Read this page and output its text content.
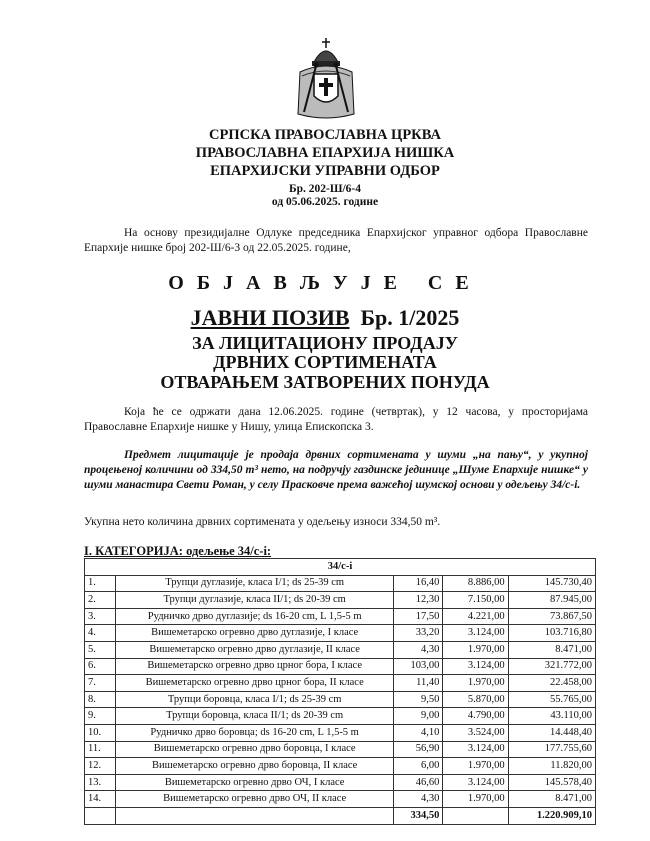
СРПСКА ПРАВОСЛАВНА ЦРКВА
ПРАВОСЛАВНА ЕПАРХИЈА НИШКА
ЕПАРХИЈСКИ УПРАВНИ ОДБОР
Бр. 202-Ш/6-4
од 05.06.2025. године
На основу президијалне Одлуке председника Епархијског управног одбора Православне Епархије нишке број 202-Ш/6-3 од 22.05.2025. године,
ОБЈАВЉУЈЕ СЕ
ЈАВНИ ПОЗИВ Бр. 1/2025
ЗА ЛИЦИТАЦИОНУ ПРОДАЈУ
ДРВНИХ СОРТИМЕНАТА
ОТВАРАЊЕМ ЗАТВОРЕНИХ ПОНУДА
Која ће се одржати дана 12.06.2025. године (четвртак), у 12 часова, у просторијама Православне Епархије нишке у Нишу, улица Епископска 3.
Предмет лицитације је продаја дрвних сортимената у шуми „на пању“, у укупној процењеној количини од 334,50 m³ нето, на подручју газдинске јединице „Шуме Епархије нишке“ у шуми манастира Свети Роман, у селу Прасковче према важећој шумској основи у одељењу 34/с-i.
Укупна нето количина дрвних сортимената у одељењу износи 334,50 m³.
I. КАТЕГОРИЈА: одељење 34/с-i:
34/с-i				
1.	Трупци дуглазије, класа I/1; ds 25-39 cm	16,40	8.886,00	145.730,40
2.	Трупци дуглазије, класа II/1; ds 20-39 cm	12,30	7.150,00	87.945,00
3.	Рудничко дрво дуглазије; ds 16-20 cm, L 1,5-5 m	17,50	4.221,00	73.867,50
4.	Вишеметарско огревно дрво дуглазије, I класе	33,20	3.124,00	103.716,80
5.	Вишеметарско огревно дрво дуглазије, II класе	4,30	1.970,00	8.471,00
6.	Вишеметарско огревно дрво црног бора, I класе	103,00	3.124,00	321.772,00
7.	Вишеметарско огревно дрво црног бора, II класе	11,40	1.970,00	22.458,00
8.	Трупци боровца, класа I/1; ds 25-39 cm	9,50	5.870,00	55.765,00
9.	Трупци боровца, класа II/1; ds 20-39 cm	9,00	4.790,00	43.110,00
10.	Рудничко дрво боровца; ds 16-20 cm, L 1,5-5 m	4,10	3.524,00	14.448,40
11.	Вишеметарско огревно дрво боровца, I класе	56,90	3.124,00	177.755,60
12.	Вишеметарско огревно дрво боровца, II класе	6,00	1.970,00	11.820,00
13.	Вишеметарско огревно дрво ОЧ, I класе	46,60	3.124,00	145.578,40
14.	Вишеметарско огревно дрво ОЧ, II класе	4,30	1.970,00	8.471,00
		334,50		1.220.909,10
